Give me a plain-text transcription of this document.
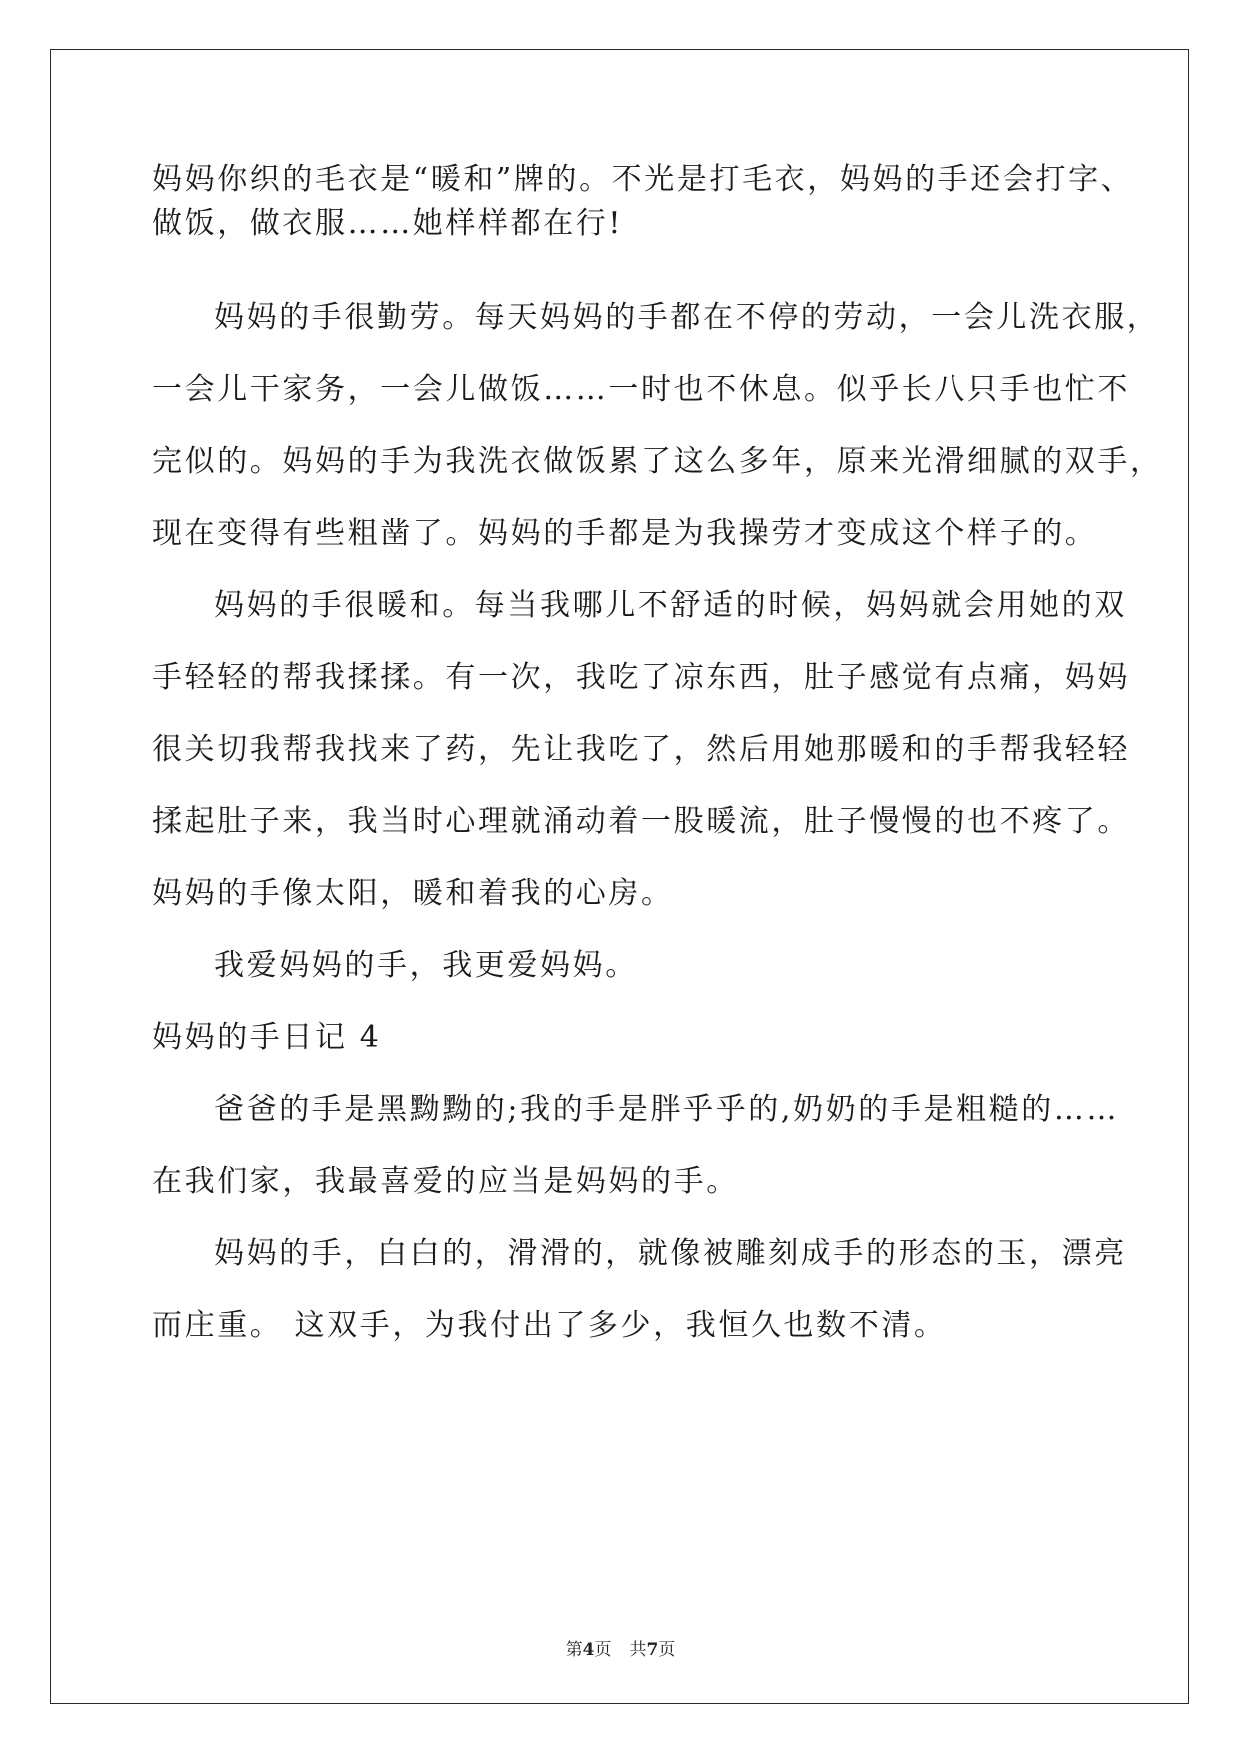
妈妈你织的毛衣是“暖和”牌的。不光是打毛衣，妈妈的手还会打字、
做饭，做衣服……她样样都在行!
妈妈的手很勤劳。每天妈妈的手都在不停的劳动，一会儿洗衣服，
一会儿干家务，一会儿做饭……一时也不休息。似乎长八只手也忙不
完似的。妈妈的手为我洗衣做饭累了这么多年，原来光滑细腻的双手，
现在变得有些粗凿了。妈妈的手都是为我操劳才变成这个样子的。
妈妈的手很暖和。每当我哪儿不舒适的时候，妈妈就会用她的双
手轻轻的帮我揉揉。有一次，我吃了凉东西，肚子感觉有点痛，妈妈
很关切我帮我找来了药，先让我吃了，然后用她那暖和的手帮我轻轻
揉起肚子来，我当时心理就涌动着一股暖流，肚子慢慢的也不疼了。
妈妈的手像太阳，暖和着我的心房。
我爱妈妈的手，我更爱妈妈。
妈妈的手日记 4
爸爸的手是黑黝黝的;我的手是胖乎乎的,奶奶的手是粗糙的……
在我们家，我最喜爱的应当是妈妈的手。
妈妈的手，白白的，滑滑的，就像被雕刻成手的形态的玉，漂亮
而庄重。 这双手，为我付出了多少，我恒久也数不清。
第4页 共7页
